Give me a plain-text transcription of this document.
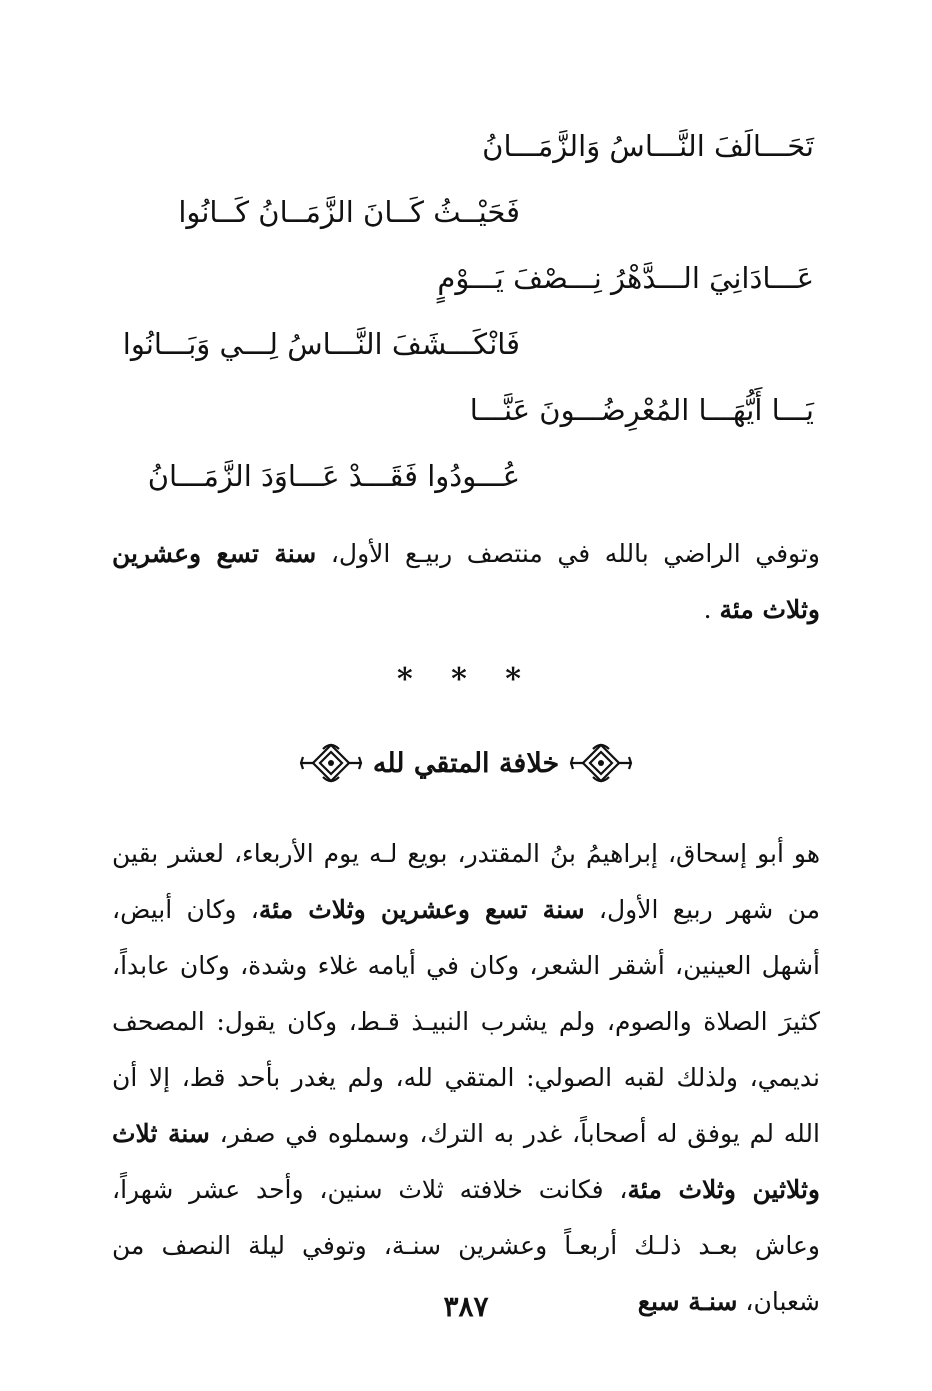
تَحَـــالَفَ النَّـــاسُ وَالزَّمَـــانُ
فَحَيْــثُ كَــانَ الزَّمَــانُ كَــانُوا
عَـــادَانِيَ الـــدَّهْرُ نِـــصْفَ يَـــوْمٍ
فَانْكَـــشَفَ النَّـــاسُ لِـــي وَبَـــانُوا
يَـــا أَيُّهَـــا المُعْرِضُـــونَ عَنَّـــا
عُـــودُوا فَقَـــدْ عَـــاوَدَ الزَّمَـــانُ

وتوفي الراضي بالله في منتصف ربيـع الأول، سنة تسع وعشرين وثلاث مئة .

* * *
خلافة المتقي لله

هو أبو إسحاق، إبراهيمُ بنُ المقتدر، بويع لـه يوم الأربعاء، لعشر بقين من شهر ربيع الأول، سنة تسع وعشرين وثلاث مئة، وكان أبيض، أشهل العينين، أشقر الشعر، وكان في أيامه غلاء وشدة، وكان عابداً، كثيرَ الصلاة والصوم، ولم يشرب النبيـذ قـط، وكان يقول: المصحف نديمي، ولذلك لقبه الصولي: المتقي لله، ولم يغدر بأحد قط، إلا أن الله لم يوفق له أصحاباً، غدر به الترك، وسملوه في صفر، سنة ثلاث وثلاثين وثلاث مئة، فكانت خلافته ثلاث سنين، وأحد عشر شهراً، وعاش بعـد ذلـك أربعـاً وعشرين سنـة، وتوفي ليلة النصف من شعبان، سنـة سبع

٣٨٧
